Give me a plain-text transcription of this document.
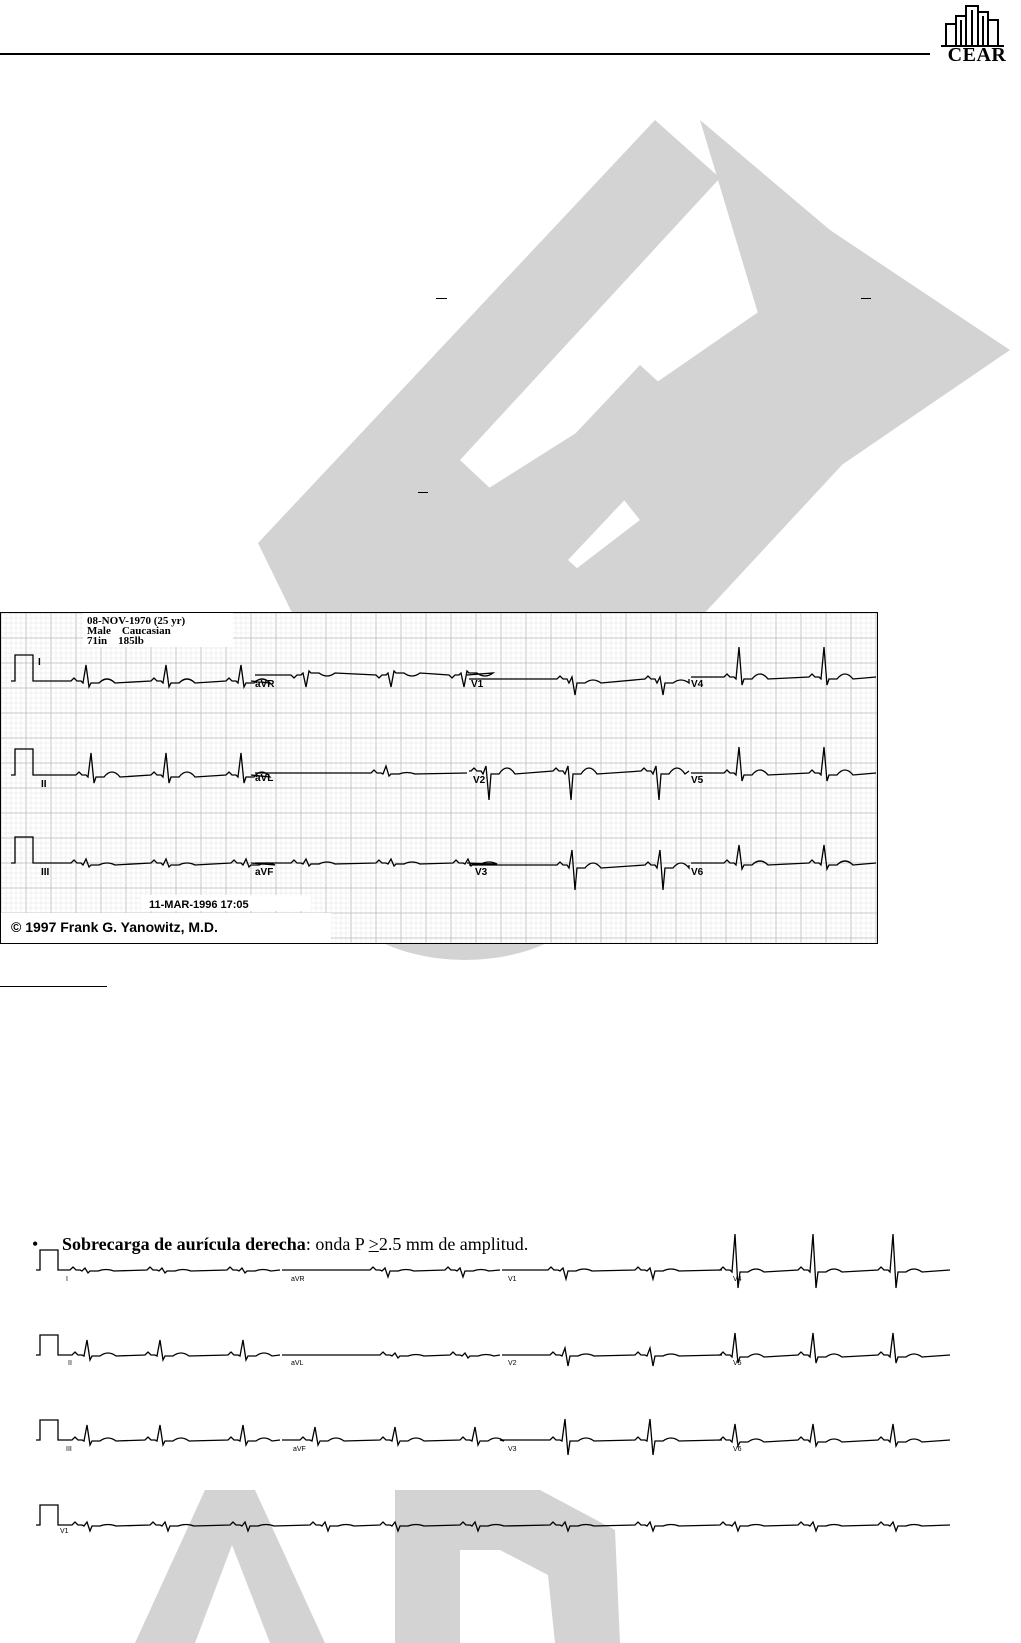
CEAR
08-NOV-1970 (25 yr)
Male    Caucasian
71in    185lb
I
aVR	V1	V4
II
aVL	V2	V5
III	aVF	V3	V6
11-MAR-1996 17:05
© 1997 Frank G. Yanowitz, M.D.
I	aVR	V1	V4
II	aVL	V2	V5
III	aVF	V3	V6
V1
• Sobrecarga de aurícula derecha: onda P ≥2.5 mm de amplitud.
